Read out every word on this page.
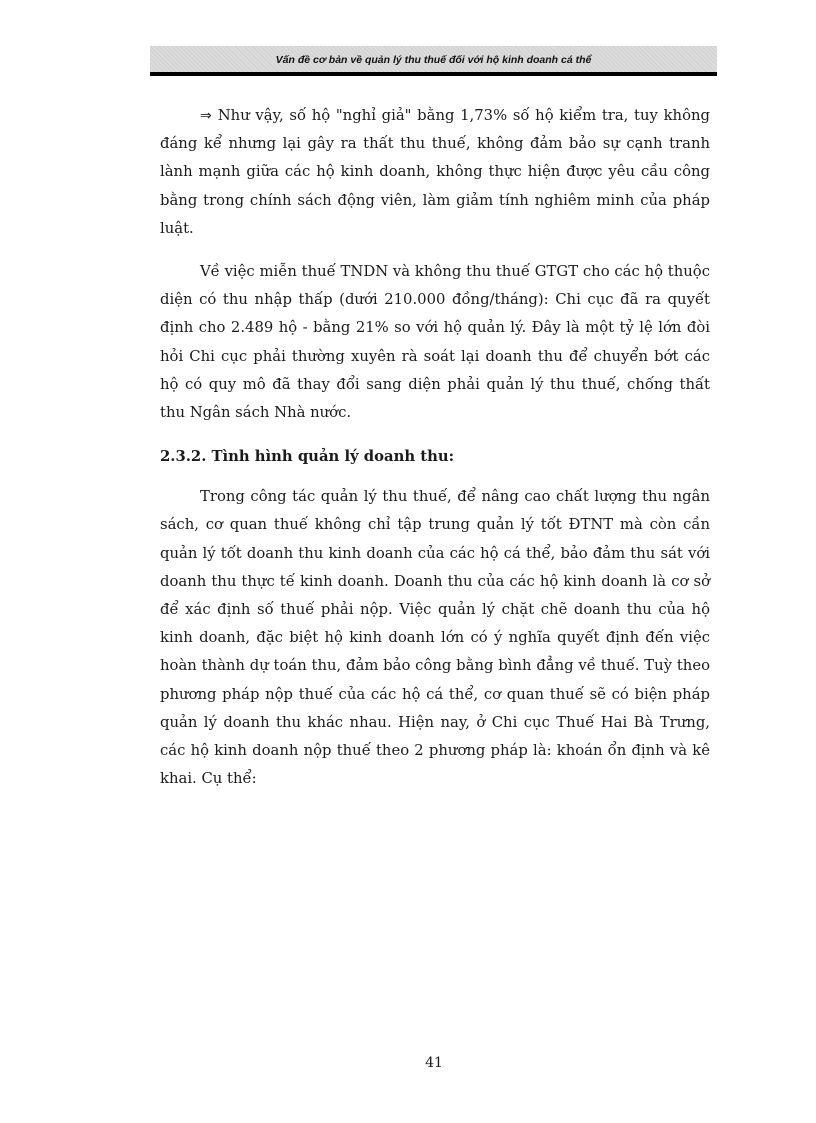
Vấn đề cơ bản về quản lý thu thuế đối với hộ kinh doanh cá thể

⇒ Như vậy, số hộ "nghỉ giả" bằng 1,73% số hộ kiểm tra, tuy không đáng kể nhưng lại gây ra thất thu thuế, không đảm bảo sự cạnh tranh lành mạnh giữa các hộ kinh doanh, không thực hiện được yêu cầu công bằng trong chính sách động viên, làm giảm tính nghiêm minh của pháp luật.

Về việc miễn thuế TNDN và không thu thuế GTGT cho các hộ thuộc diện có thu nhập thấp (dưới 210.000 đồng/tháng): Chi cục đã ra quyết định cho 2.489 hộ - bằng 21% so với hộ quản lý. Đây là một tỷ lệ lớn đòi hỏi Chi cục phải thường xuyên rà soát lại doanh thu để chuyển bớt các hộ có quy mô đã thay đổi sang diện phải quản lý thu thuế, chống thất thu Ngân sách Nhà nước.

2.3.2. Tình hình quản lý doanh thu:

Trong công tác quản lý thu thuế, để nâng cao chất lượng thu ngân sách, cơ quan thuế không chỉ tập trung quản lý tốt ĐTNT mà còn cần quản lý tốt doanh thu kinh doanh của các hộ cá thể, bảo đảm thu sát với doanh thu thực tế kinh doanh. Doanh thu của các hộ kinh doanh là cơ sở để xác định số thuế phải nộp. Việc quản lý chặt chẽ doanh thu của hộ kinh doanh, đặc biệt hộ kinh doanh lớn có ý nghĩa quyết định đến việc hoàn thành dự toán thu, đảm bảo công bằng bình đẳng về thuế. Tuỳ theo phương pháp nộp thuế của các hộ cá thể, cơ quan thuế sẽ có biện pháp quản lý doanh thu khác nhau. Hiện nay, ở Chi cục Thuế Hai Bà Trưng, các hộ kinh doanh nộp thuế theo 2 phương pháp là: khoán ổn định và kê khai. Cụ thể:

41
